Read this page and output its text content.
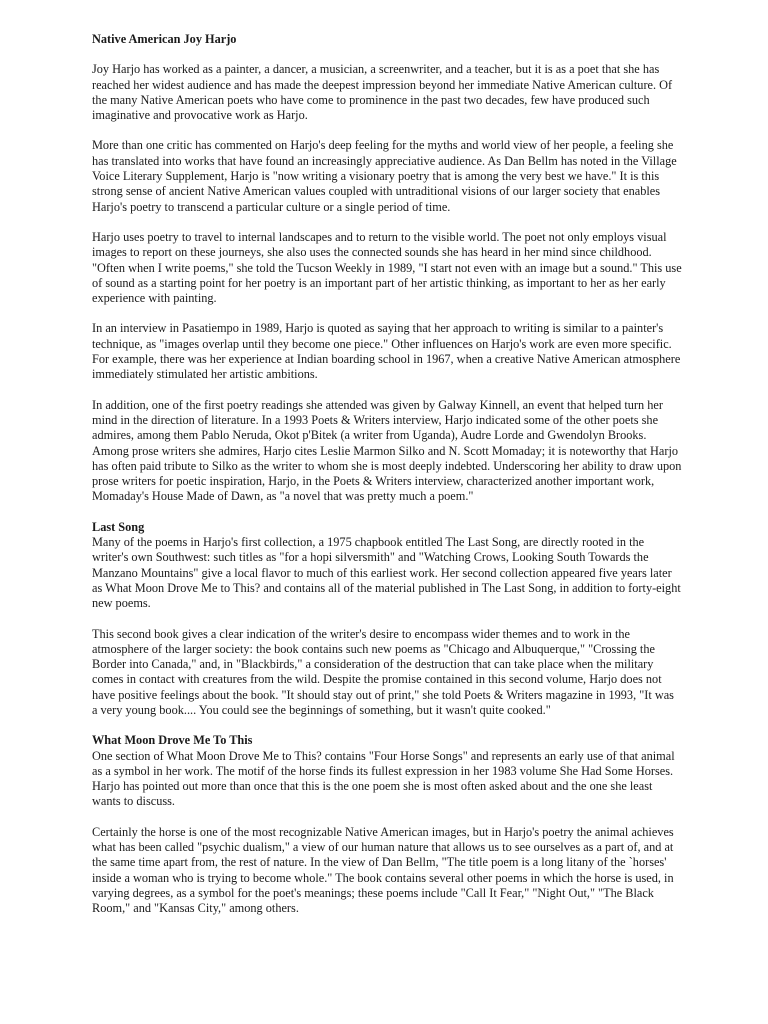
Native American Joy Harjo

Joy Harjo has worked as a painter, a dancer, a musician, a screenwriter, and a teacher, but it is as a poet that she has reached her widest audience and has made the deepest impression beyond her immediate Native American culture. Of the many Native American poets who have come to prominence in the past two decades, few have produced such imaginative and provocative work as Harjo.

More than one critic has commented on Harjo's deep feeling for the myths and world view of her people, a feeling she has translated into works that have found an increasingly appreciative audience. As Dan Bellm has noted in the Village Voice Literary Supplement, Harjo is "now writing a visionary poetry that is among the very best we have." It is this strong sense of ancient Native American values coupled with untraditional visions of our larger society that enables Harjo's poetry to transcend a particular culture or a single period of time.

Harjo uses poetry to travel to internal landscapes and to return to the visible world. The poet not only employs visual images to report on these journeys, she also uses the connected sounds she has heard in her mind since childhood. "Often when I write poems," she told the Tucson Weekly in 1989, "I start not even with an image but a sound." This use of sound as a starting point for her poetry is an important part of her artistic thinking, as important to her as her early experience with painting.

In an interview in Pasatiempo in 1989, Harjo is quoted as saying that her approach to writing is similar to a painter's technique, as "images overlap until they become one piece." Other influences on Harjo's work are even more specific. For example, there was her experience at Indian boarding school in 1967, when a creative Native American atmosphere immediately stimulated her artistic ambitions.

In addition, one of the first poetry readings she attended was given by Galway Kinnell, an event that helped turn her mind in the direction of literature. In a 1993 Poets & Writers interview, Harjo indicated some of the other poets she admires, among them Pablo Neruda, Okot p'Bitek (a writer from Uganda), Audre Lorde and Gwendolyn Brooks. Among prose writers she admires, Harjo cites Leslie Marmon Silko and N. Scott Momaday; it is noteworthy that Harjo has often paid tribute to Silko as the writer to whom she is most deeply indebted. Underscoring her ability to draw upon prose writers for poetic inspiration, Harjo, in the Poets & Writers interview, characterized another important work, Momaday's House Made of Dawn, as "a novel that was pretty much a poem."

Last Song

Many of the poems in Harjo's first collection, a 1975 chapbook entitled The Last Song, are directly rooted in the writer's own Southwest: such titles as "for a hopi silversmith" and "Watching Crows, Looking South Towards the Manzano Mountains" give a local flavor to much of this earliest work. Her second collection appeared five years later as What Moon Drove Me to This? and contains all of the material published in The Last Song, in addition to forty-eight new poems.

This second book gives a clear indication of the writer's desire to encompass wider themes and to work in the atmosphere of the larger society: the book contains such new poems as "Chicago and Albuquerque," "Crossing the Border into Canada," and, in "Blackbirds," a consideration of the destruction that can take place when the military comes in contact with creatures from the wild. Despite the promise contained in this second volume, Harjo does not have positive feelings about the book. "It should stay out of print," she told Poets & Writers magazine in 1993, "It was a very young book.... You could see the beginnings of something, but it wasn't quite cooked."

What Moon Drove Me To This

One section of What Moon Drove Me to This? contains "Four Horse Songs" and represents an early use of that animal as a symbol in her work. The motif of the horse finds its fullest expression in her 1983 volume She Had Some Horses. Harjo has pointed out more than once that this is the one poem she is most often asked about and the one she least wants to discuss.

Certainly the horse is one of the most recognizable Native American images, but in Harjo's poetry the animal achieves what has been called "psychic dualism," a view of our human nature that allows us to see ourselves as a part of, and at the same time apart from, the rest of nature. In the view of Dan Bellm, "The title poem is a long litany of the `horses' inside a woman who is trying to become whole." The book contains several other poems in which the horse is used, in varying degrees, as a symbol for the poet's meanings; these poems include "Call It Fear," "Night Out," "The Black Room," and "Kansas City," among others.
